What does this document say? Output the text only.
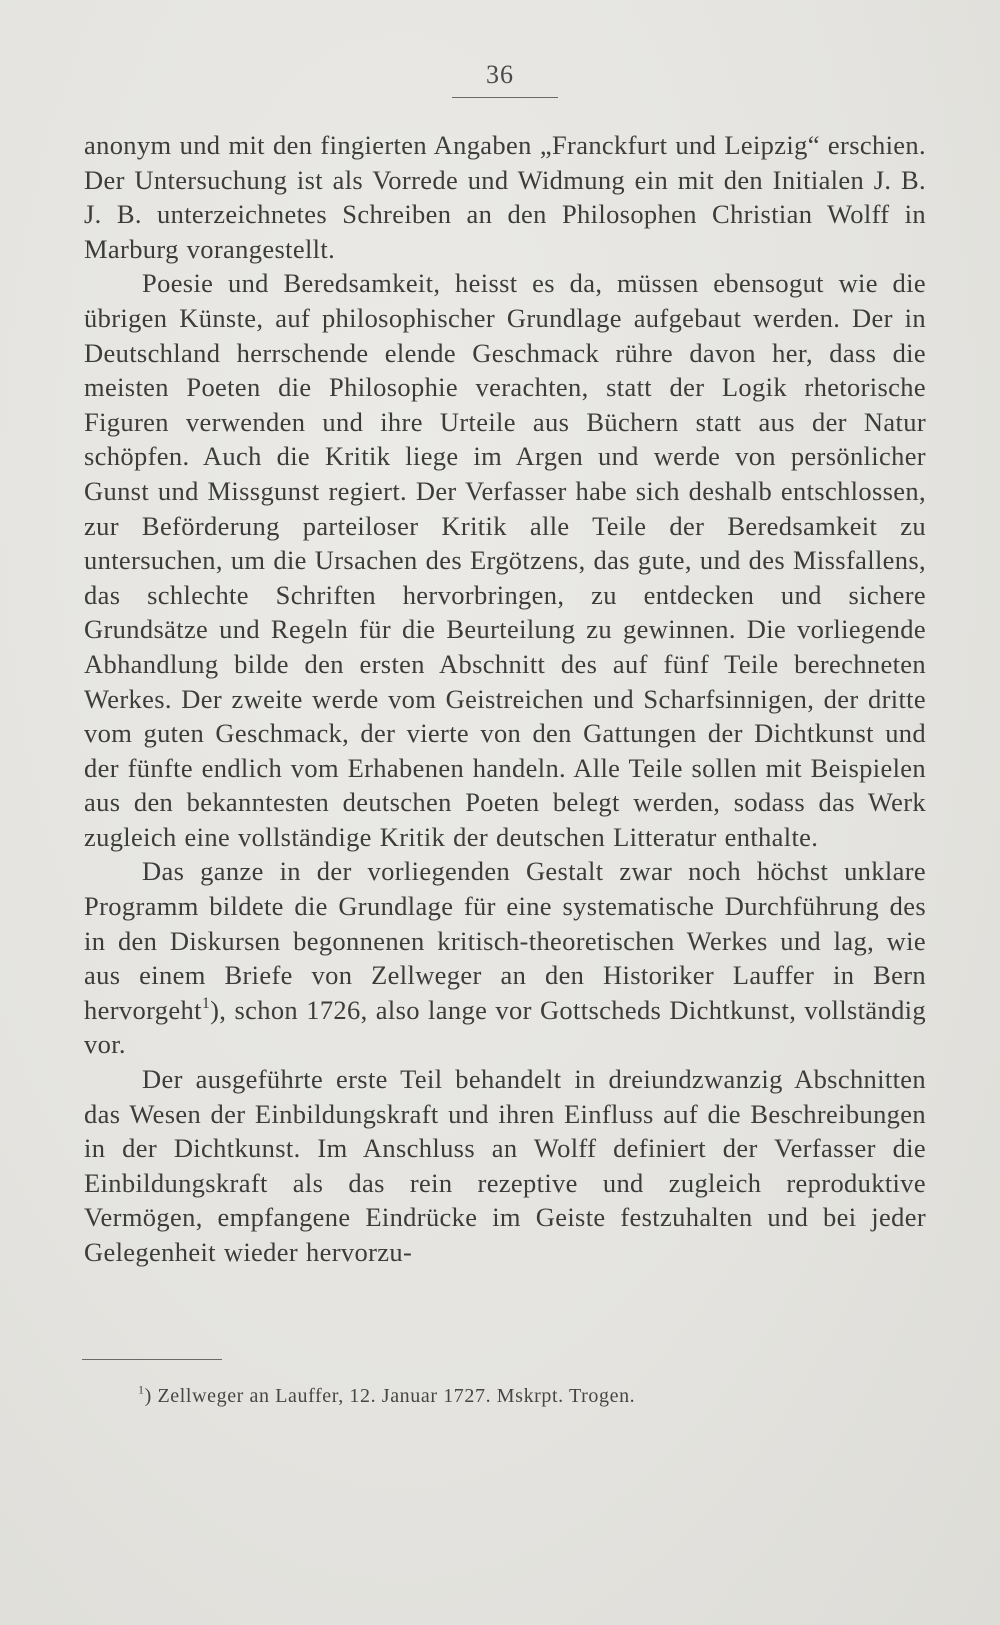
36

anonym und mit den fingierten Angaben „Franckfurt und Leipzig“ erschien. Der Untersuchung ist als Vorrede und Widmung ein mit den Initialen J. B. J. B. unterzeichnetes Schreiben an den Philosophen Christian Wolff in Marburg vorangestellt.

Poesie und Beredsamkeit, heisst es da, müssen ebensogut wie die übrigen Künste, auf philosophischer Grundlage aufgebaut werden. Der in Deutschland herrschende elende Geschmack rühre davon her, dass die meisten Poeten die Philosophie verachten, statt der Logik rhetorische Figuren verwenden und ihre Urteile aus Büchern statt aus der Natur schöpfen. Auch die Kritik liege im Argen und werde von persönlicher Gunst und Missgunst regiert. Der Verfasser habe sich deshalb entschlossen, zur Beförderung parteiloser Kritik alle Teile der Beredsamkeit zu untersuchen, um die Ursachen des Ergötzens, das gute, und des Missfallens, das schlechte Schriften hervorbringen, zu entdecken und sichere Grundsätze und Regeln für die Beurteilung zu gewinnen. Die vorliegende Abhandlung bilde den ersten Abschnitt des auf fünf Teile berechneten Werkes. Der zweite werde vom Geistreichen und Scharfsinnigen, der dritte vom guten Geschmack, der vierte von den Gattungen der Dichtkunst und der fünfte endlich vom Erhabenen handeln. Alle Teile sollen mit Beispielen aus den bekanntesten deutschen Poeten belegt werden, sodass das Werk zugleich eine vollständige Kritik der deutschen Litteratur enthalte.

Das ganze in der vorliegenden Gestalt zwar noch höchst unklare Programm bildete die Grundlage für eine systematische Durchführung des in den Diskursen begonnenen kritisch-theoretischen Werkes und lag, wie aus einem Briefe von Zellweger an den Historiker Lauffer in Bern hervorgeht$^1$), schon 1726, also lange vor Gottscheds Dichtkunst, vollständig vor.

Der ausgeführte erste Teil behandelt in dreiundzwanzig Abschnitten das Wesen der Einbildungskraft und ihren Einfluss auf die Beschreibungen in der Dichtkunst. Im Anschluss an Wolff definiert der Verfasser die Einbildungskraft als das rein rezeptive und zugleich reproduktive Vermögen, empfangene Eindrücke im Geiste festzuhalten und bei jeder Gelegenheit wieder hervorzu-

$^1$) Zellweger an Lauffer, 12. Januar 1727. Mskrpt. Trogen.
